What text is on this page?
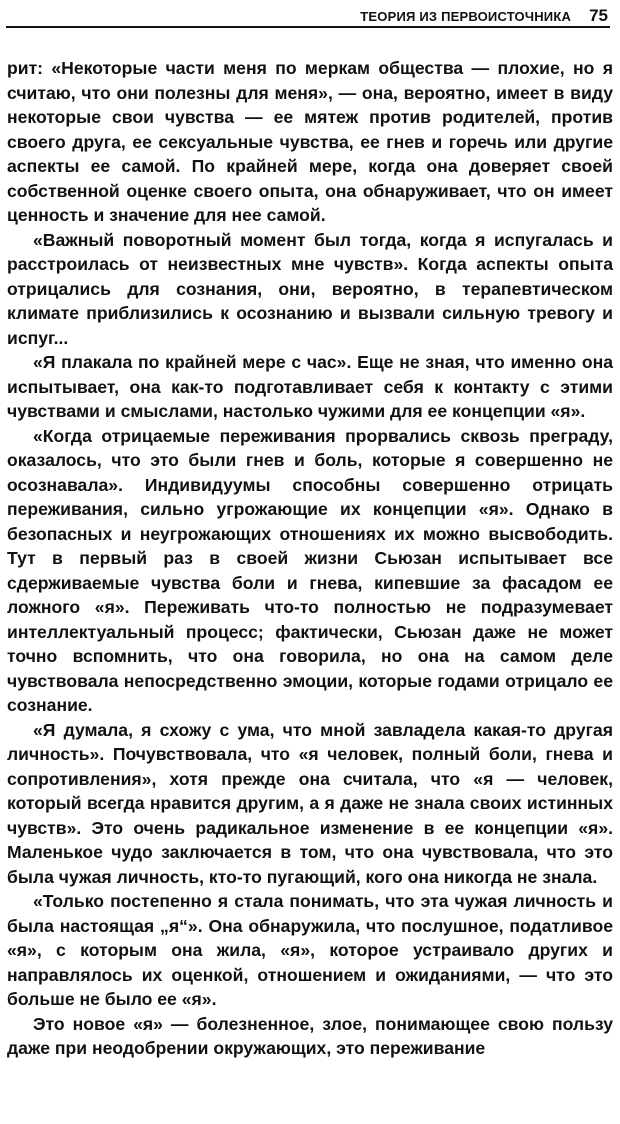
ТЕОРИЯ ИЗ ПЕРВОИСТОЧНИКА 75

рит: «Некоторые части меня по меркам общества — плохие, но я считаю, что они полезны для меня», — она, вероятно, имеет в виду некоторые свои чувства — ее мятеж против родителей, против своего друга, ее сексуальные чувства, ее гнев и горечь или другие аспекты ее самой. По крайней мере, когда она доверяет своей собственной оценке своего опыта, она обнаруживает, что он имеет ценность и значение для нее самой.

«Важный поворотный момент был тогда, когда я испугалась и расстроилась от неизвестных мне чувств». Когда аспекты опыта отрицались для сознания, они, вероятно, в терапевтическом климате приблизились к осознанию и вызвали сильную тревогу и испуг...

«Я плакала по крайней мере с час». Еще не зная, что именно она испытывает, она как-то подготавливает себя к контакту с этими чувствами и смыслами, настолько чужими для ее концепции «я».

«Когда отрицаемые переживания прорвались сквозь преграду, оказалось, что это были гнев и боль, которые я совершенно не осознавала». Индивидуумы способны совершенно отрицать переживания, сильно угрожающие их концепции «я». Однако в безопасных и неугрожающих отношениях их можно высвободить. Тут в первый раз в своей жизни Сьюзан испытывает все сдерживаемые чувства боли и гнева, кипевшие за фасадом ее ложного «я». Переживать что-то полностью не подразумевает интеллектуальный процесс; фактически, Сьюзан даже не может точно вспомнить, что она говорила, но она на самом деле чувствовала непосредственно эмоции, которые годами отрицало ее сознание.

«Я думала, я схожу с ума, что мной завладела какая-то другая личность». Почувствовала, что «я человек, полный боли, гнева и сопротивления», хотя прежде она считала, что «я — человек, который всегда нравится другим, а я даже не знала своих истинных чувств». Это очень радикальное изменение в ее концепции «я». Маленькое чудо заключается в том, что она чувствовала, что это была чужая личность, кто-то пугающий, кого она никогда не знала.

«Только постепенно я стала понимать, что эта чужая личность и была настоящая „я“». Она обнаружила, что послушное, податливое «я», с которым она жила, «я», которое устраивало других и направлялось их оценкой, отношением и ожиданиями, — что это больше не было ее «я».

Это новое «я» — болезненное, злое, понимающее свою пользу даже при неодобрении окружающих, это переживание
